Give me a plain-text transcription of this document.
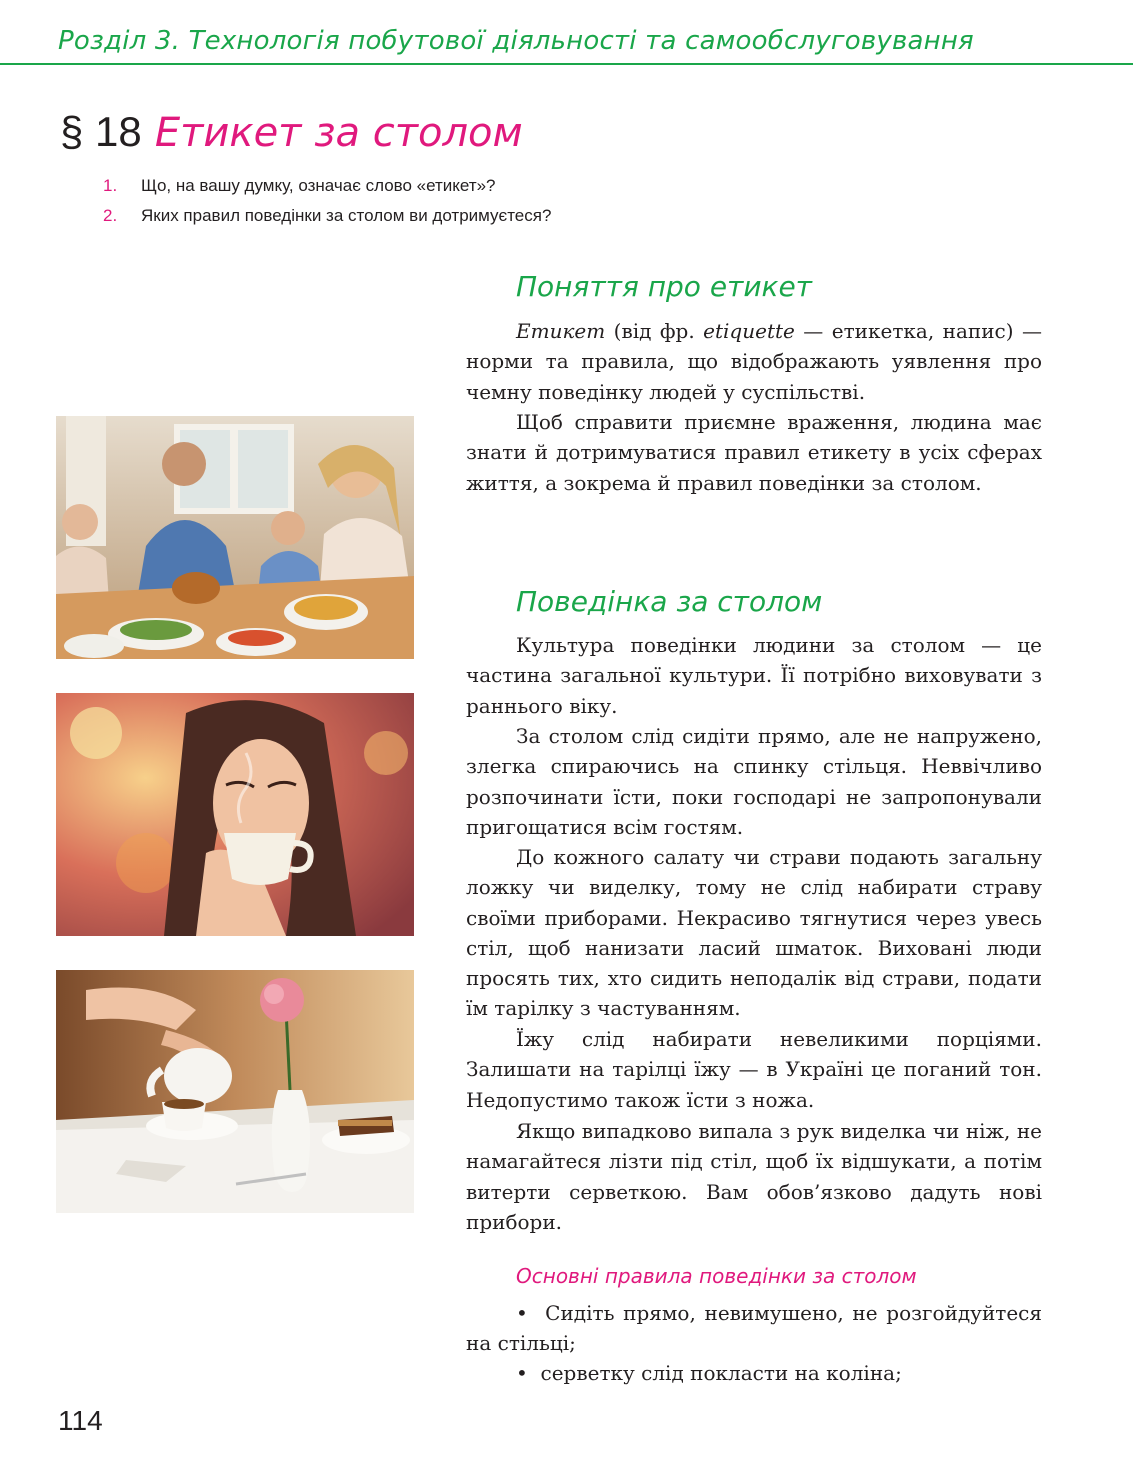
Розділ 3. Технологія побутової діяльності та самообслуговування
§ 18 Етикет за столом
1. Що, на вашу думку, означає слово «етикет»?
2. Яких правил поведінки за столом ви дотримуєтеся?
Поняття про етикет

Етикет (від фр. etiquette — етикетка, напис) — норми та правила, що відображають уявлення про чемну поведінку людей у суспільстві.

Щоб справити приємне враження, людина має знати й дотримуватися правил етикету в усіх сферах життя, а зокрема й правил поведінки за столом.

Поведінка за столом

Культура поведінки людини за столом — це частина загальної культури. Її потрібно виховувати з раннього віку.

За столом слід сидіти прямо, але не напружено, злегка спираючись на спинку стільця. Неввічливо розпочинати їсти, поки господарі не запропонували пригощатися всім гостям.

До кожного салату чи страви подають загальну ложку чи виделку, тому не слід набирати страву своїми приборами. Некрасиво тягнутися через увесь стіл, щоб нанизати ласий шматок. Виховані люди просять тих, хто сидить неподалік від страви, подати їм тарілку з частуванням.

Їжу слід набирати невеликими порціями. Залишати на тарілці їжу — в Україні це поганий тон. Недопустимо також їсти з ножа.

Якщо випадково випала з рук виделка чи ніж, не намагайтеся лізти під стіл, щоб їх відшукати, а потім витерти серветкою. Вам обов’язково дадуть нові прибори.

Основні правила поведінки за столом

• Сидіть прямо, невимушено, не розгойдуйтеся на стільці;

• серветку слід покласти на коліна;

114
